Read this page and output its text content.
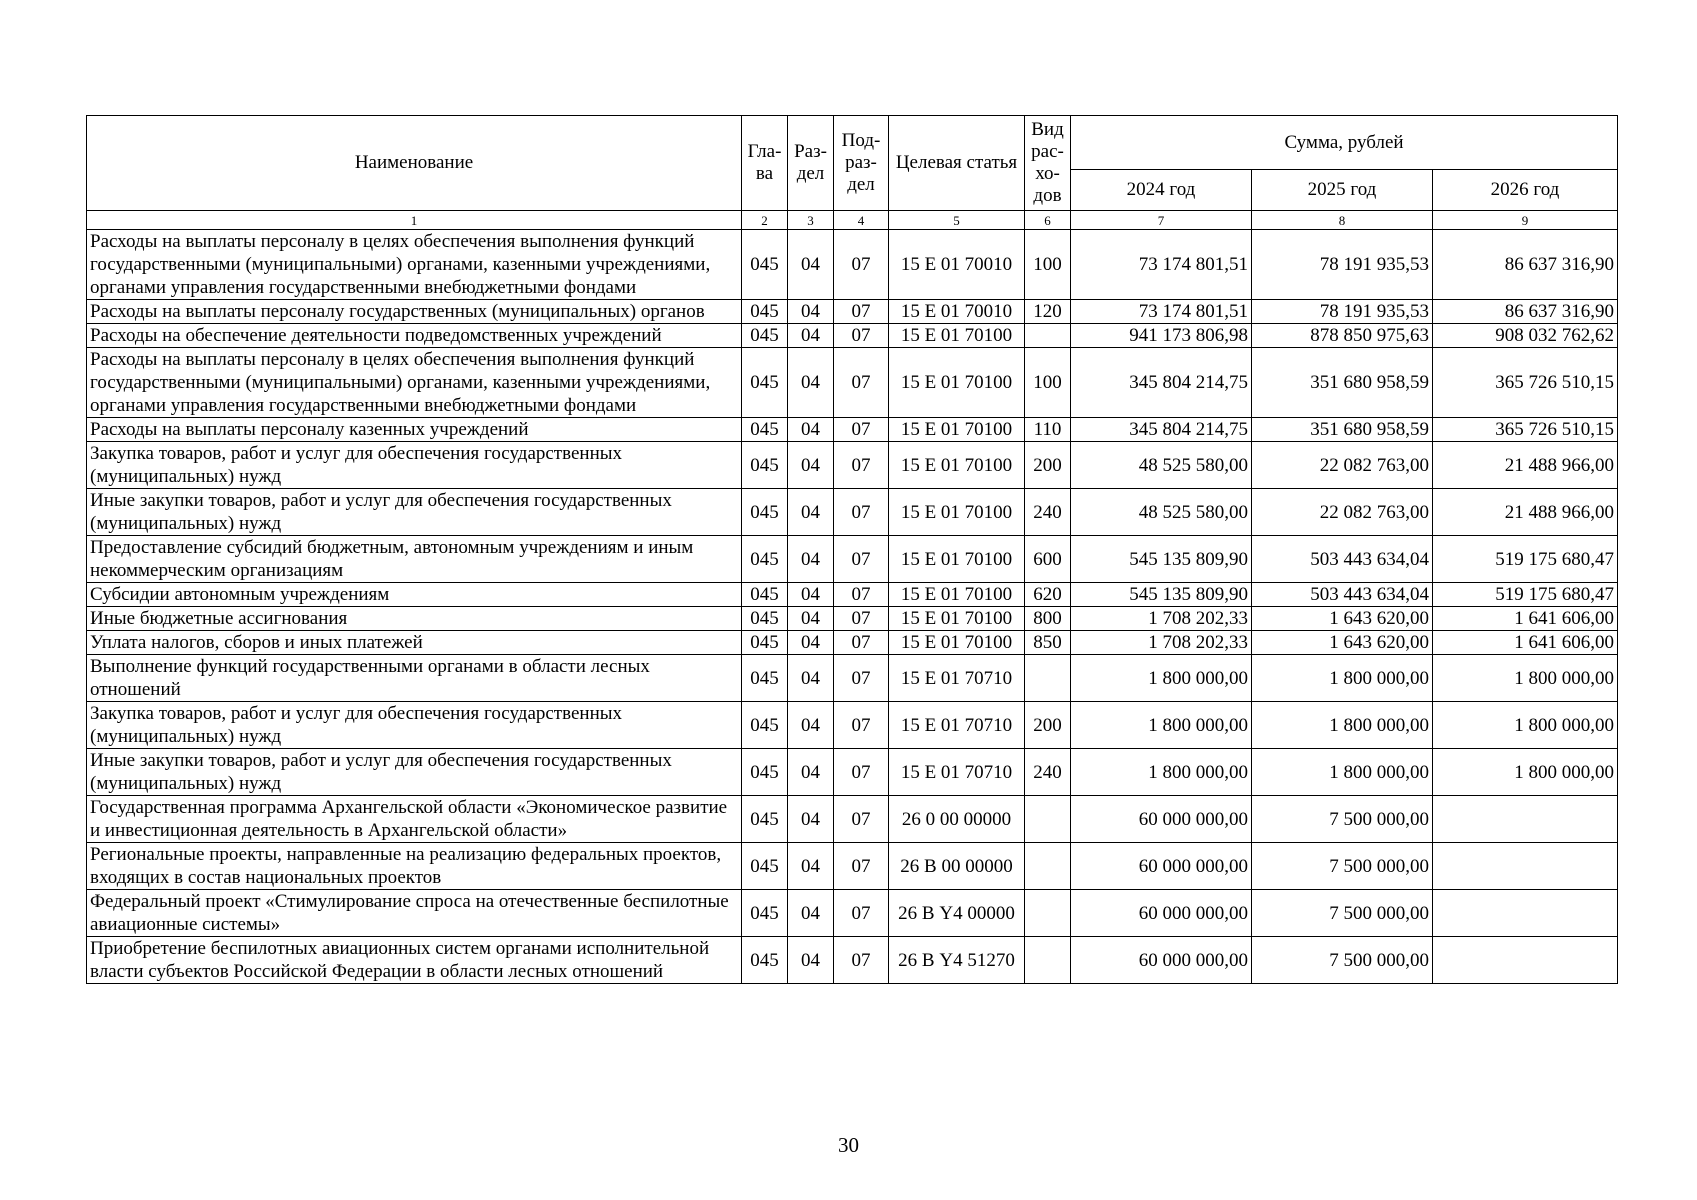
Наименование	Гла- ва	Раз- дел	Под- раз- дел	Целевая статья	Вид рас- хо- дов	Сумма, рублей		
						2024 год	2025 год	2026 год
1	2	3	4	5	6	7	8	9
Расходы на выплаты персоналу в целях обеспечения выполнения функций государственными (муниципальными) органами, казенными учреждениями, органами управления государственными внебюджетными фондами	045	04	07	15 Е 01 70010	100	73 174 801,51	78 191 935,53	86 637 316,90
Расходы на выплаты персоналу государственных (муниципальных) органов	045	04	07	15 Е 01 70010	120	73 174 801,51	78 191 935,53	86 637 316,90
Расходы на обеспечение деятельности подведомственных учреждений	045	04	07	15 Е 01 70100		941 173 806,98	878 850 975,63	908 032 762,62
Расходы на выплаты персоналу в целях обеспечения выполнения функций государственными (муниципальными) органами, казенными учреждениями, органами управления государственными внебюджетными фондами	045	04	07	15 Е 01 70100	100	345 804 214,75	351 680 958,59	365 726 510,15
Расходы на выплаты персоналу казенных учреждений	045	04	07	15 Е 01 70100	110	345 804 214,75	351 680 958,59	365 726 510,15
Закупка товаров, работ и услуг для обеспечения государственных (муниципальных) нужд	045	04	07	15 Е 01 70100	200	48 525 580,00	22 082 763,00	21 488 966,00
Иные закупки товаров, работ и услуг для обеспечения государственных (муниципальных) нужд	045	04	07	15 Е 01 70100	240	48 525 580,00	22 082 763,00	21 488 966,00
Предоставление субсидий бюджетным, автономным учреждениям и иным некоммерческим организациям	045	04	07	15 Е 01 70100	600	545 135 809,90	503 443 634,04	519 175 680,47
Субсидии автономным учреждениям	045	04	07	15 Е 01 70100	620	545 135 809,90	503 443 634,04	519 175 680,47
Иные бюджетные ассигнования	045	04	07	15 Е 01 70100	800	1 708 202,33	1 643 620,00	1 641 606,00
Уплата налогов, сборов и иных платежей	045	04	07	15 Е 01 70100	850	1 708 202,33	1 643 620,00	1 641 606,00
Выполнение функций государственными органами в области лесных отношений	045	04	07	15 Е 01 70710		1 800 000,00	1 800 000,00	1 800 000,00
Закупка товаров, работ и услуг для обеспечения государственных (муниципальных) нужд	045	04	07	15 Е 01 70710	200	1 800 000,00	1 800 000,00	1 800 000,00
Иные закупки товаров, работ и услуг для обеспечения государственных (муниципальных) нужд	045	04	07	15 Е 01 70710	240	1 800 000,00	1 800 000,00	1 800 000,00
Государственная программа Архангельской области «Экономическое развитие и инвестиционная деятельность в Архангельской области»	045	04	07	26 0 00 00000		60 000 000,00	7 500 000,00	
Региональные проекты, направленные на реализацию федеральных проектов, входящих в состав национальных проектов	045	04	07	26 В 00 00000		60 000 000,00	7 500 000,00	
Федеральный проект «Стимулирование спроса на отечественные беспилотные авиационные системы»	045	04	07	26 В Y4 00000		60 000 000,00	7 500 000,00	
Приобретение беспилотных авиационных систем органами исполнительной власти субъектов Российской Федерации в области лесных отношений	045	04	07	26 В Y4 51270		60 000 000,00	7 500 000,00	
30
